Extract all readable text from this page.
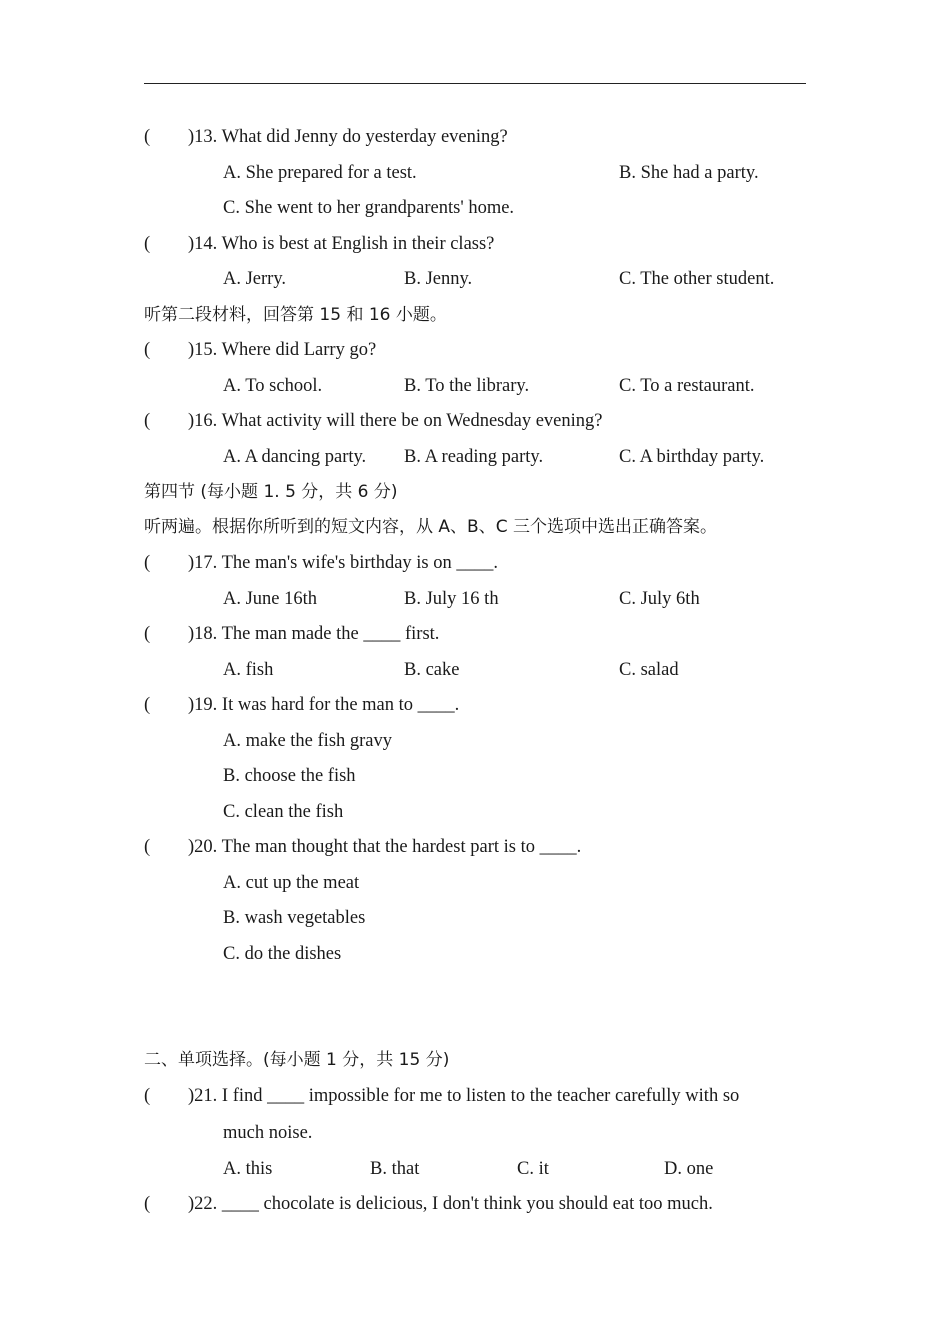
( )13. What did Jenny do yesterday evening?
A. She prepared for a test.	B. She had a party.
C. She went to her grandparents' home.
( )14. Who is best at English in their class?
A. Jerry.	B. Jenny.	C. The other student.
听第二段材料，回答第 15 和 16 小题。
( )15. Where did Larry go?
A. To school.	B. To the library.	C. To a restaurant.
( )16. What activity will there be on Wednesday evening?
A. A dancing party. B. A reading party.	C. A birthday party.
第四节 (每小题 1. 5 分，共 6 分)
听两遍。根据你所听到的短文内容，从 A、B、C 三个选项中选出正确答案。
( )17. The man's wife's birthday is on ____.
A. June 16th	B. July 16 th	C. July 6th
( )18. The man made the ____ first.
A. fish	B. cake	C. salad
( )19. It was hard for the man to ____.
A. make the fish gravy
B. choose the fish
C. clean the fish
( )20. The man thought that the hardest part is to ____.
A. cut up the meat
B. wash vegetables
C. do the dishes
二、单项选择。(每小题 1 分，共 15 分)
( )21. I find ____ impossible for me to listen to the teacher carefully with so
much noise.
A. this	B. that	C. it	D. one
( )22. ____ chocolate is delicious, I don't think you should eat too much.
